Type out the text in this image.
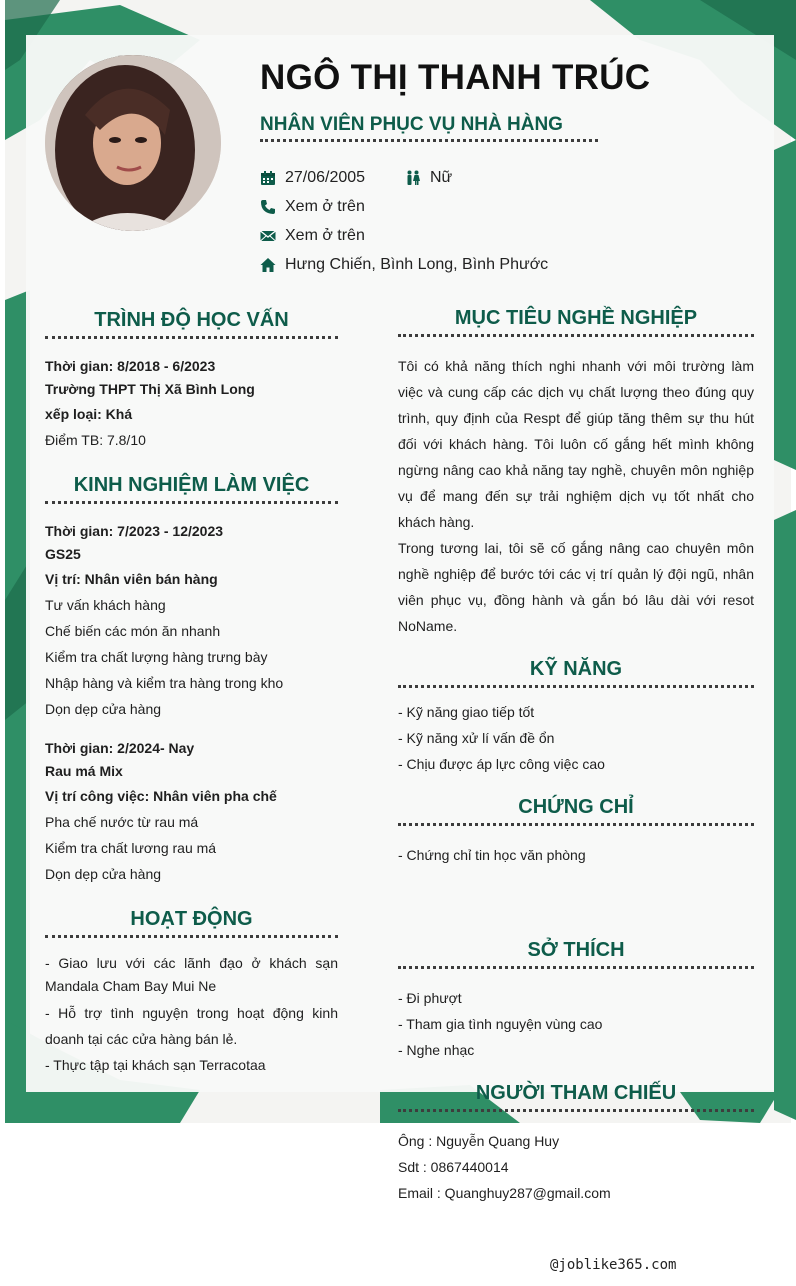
NGÔ THỊ THANH TRÚC
NHÂN VIÊN PHỤC VỤ NHÀ HÀNG
27/06/2005	Nữ
Xem ở trên
Xem ở trên
Hưng Chiến, Bình Long, Bình Phước
TRÌNH ĐỘ HỌC VẤN
Thời gian: 8/2018 - 6/2023
Trường THPT Thị Xã Bình Long
xếp loại: Khá
Điểm TB: 7.8/10
KINH NGHIỆM LÀM VIỆC
Thời gian: 7/2023 - 12/2023
GS25
Vị trí: Nhân viên bán hàng
Tư vấn khách hàng
Chế biến các món ăn nhanh
Kiểm tra chất lượng hàng trưng bày
Nhập hàng và kiểm tra hàng trong kho
Dọn dẹp cửa hàng
Thời gian: 2/2024- Nay
Rau má Mix
Vị trí công việc: Nhân viên pha chế
Pha chế nước từ rau má
Kiểm tra chất lương rau má
Dọn dẹp cửa hàng
HOẠT ĐỘNG
- Giao lưu với các lãnh đạo ở khách sạn Mandala Cham Bay Mui Ne
- Hỗ trợ tình nguyện trong hoạt động kinh doanh tại các cửa hàng bán lẻ.
- Thực tập tại khách sạn Terracotaa
MỤC TIÊU NGHỀ NGHIỆP
Tôi có khả năng thích nghi nhanh với môi trường làm việc và cung cấp các dịch vụ chất lượng theo đúng quy trình, quy định của Respt để giúp tăng thêm sự thu hút đối với khách hàng. Tôi luôn cố gắng hết mình không ngừng nâng cao khả năng tay nghề, chuyên môn nghiệp vụ để mang đến sự trải nghiệm dịch vụ tốt nhất cho khách hàng.
Trong tương lai, tôi sẽ cố gắng nâng cao chuyên môn nghề nghiệp để bước tới các vị trí quản lý đội ngũ, nhân viên phục vụ, đồng hành và gắn bó lâu dài với resot NoName.
KỸ NĂNG
- Kỹ năng giao tiếp tốt
- Kỹ năng xử lí vấn đề ổn
- Chịu được áp lực công việc cao
CHỨNG CHỈ
- Chứng chỉ tin học văn phòng
SỞ THÍCH
- Đi phượt
- Tham gia tình nguyện vùng cao
- Nghe nhạc
NGƯỜI THAM CHIẾU
Ông : Nguyễn Quang Huy
Sdt : 0867440014
Email : Quanghuy287@gmail.com
@joblike365.com
